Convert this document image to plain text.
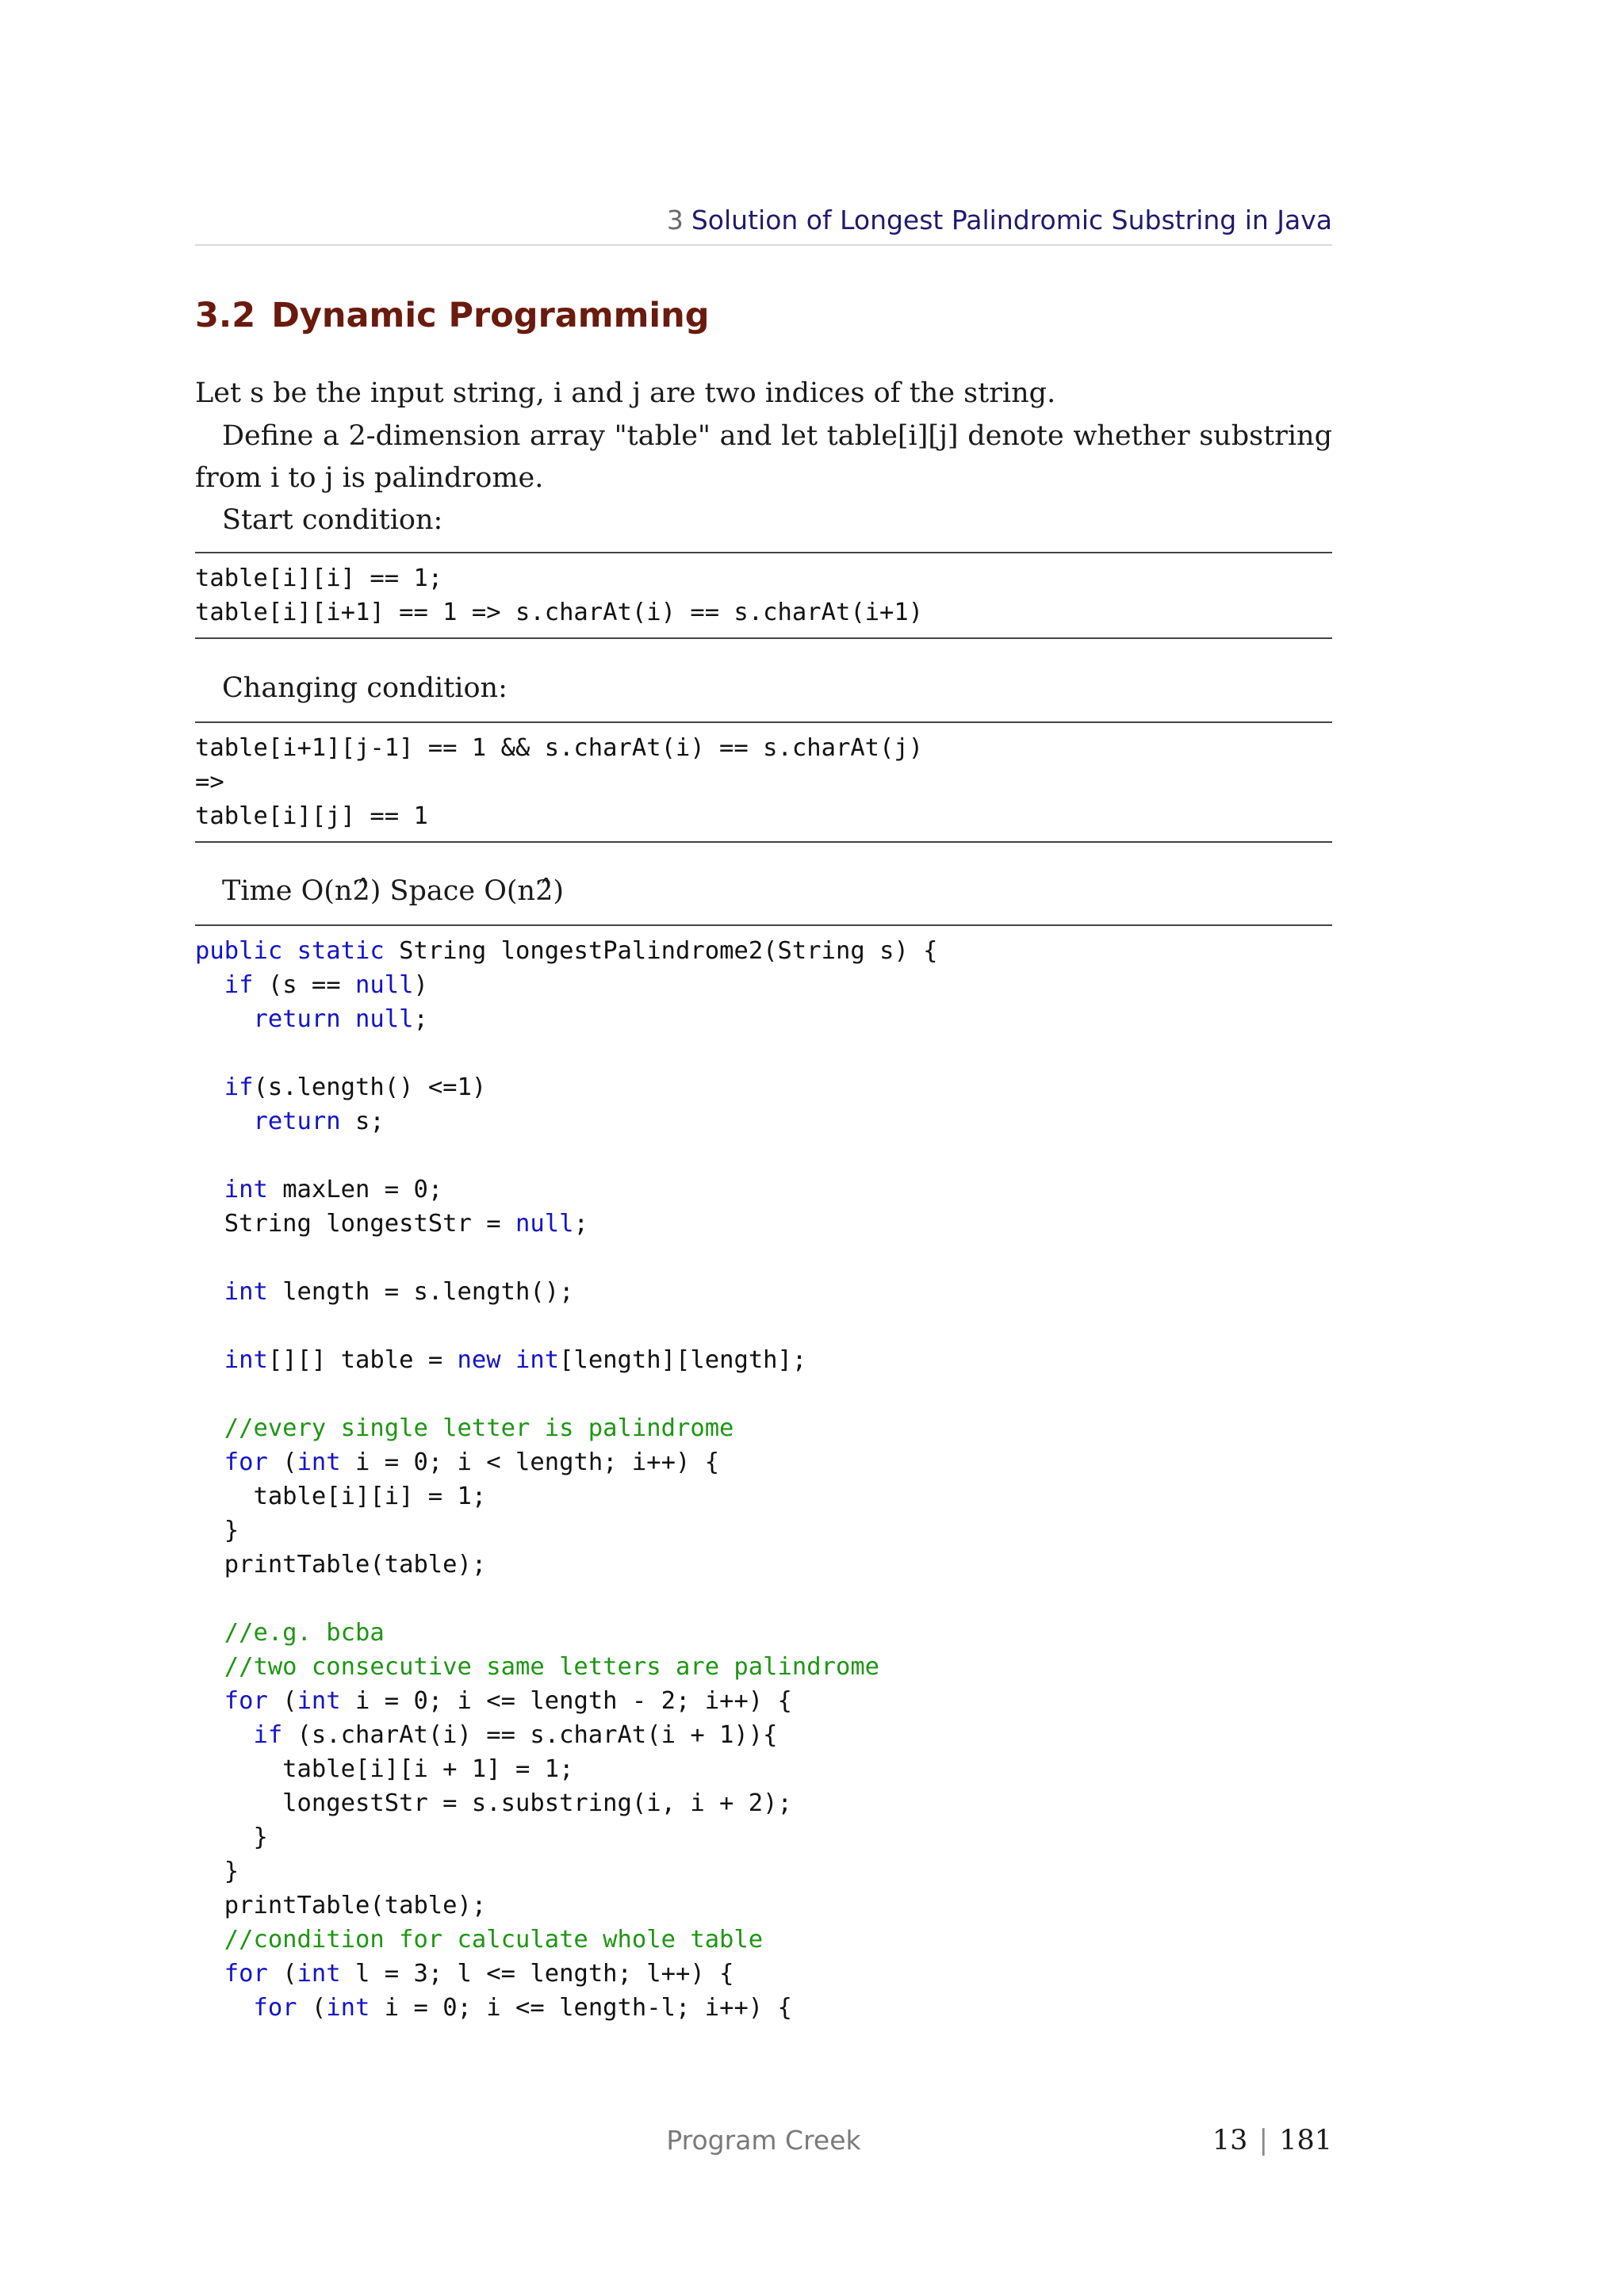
3 Solution of Longest Palindromic Substring in Java
3.2 Dynamic Programming

Let s be the input string, i and j are two indices of the string.

Define a 2-dimension array "table" and let table[i][j] denote whether substring from i to j is palindrome.

Start condition:

table[i][i] == 1;
table[i][i+1] == 1 => s.charAt(i) == s.charAt(i+1)

Changing condition:

table[i+1][j-1] == 1 && s.charAt(i) == s.charAt(j)
=>
table[i][j] == 1

Time O(n2̂) Space O(n2̂)

public static String longestPalindrome2(String s) {
if (s == null)
return null;
if(s.length() <=1)
return s;
int maxLen = 0;
String longestStr = null;
int length = s.length();
int[][] table = new int[length][length];
//every single letter is palindrome
for (int i = 0; i < length; i++) {
table[i][i] = 1;
}
printTable(table);
//e.g. bcba
//two consecutive same letters are palindrome
for (int i = 0; i <= length - 2; i++) {
if (s.charAt(i) == s.charAt(i + 1)){
table[i][i + 1] = 1;
longestStr = s.substring(i, i + 2);
}
}
printTable(table);
//condition for calculate whole table
for (int l = 3; l <= length; l++) {
for (int i = 0; i <= length-l; i++) {
Program Creek	13 | 181
